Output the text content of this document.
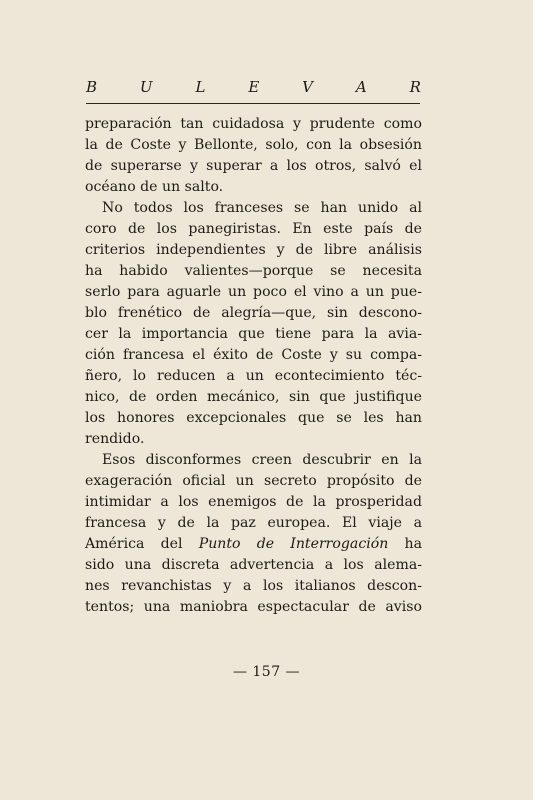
B	U	L	E	V	A	R
preparación tan cuidadosa y prudente como
la de Coste y Bellonte, solo, con la obsesión
de superarse y superar a los otros, salvó el
océano de un salto.
No todos los franceses se han unido al
coro de los panegiristas. En este país de
criterios independientes y de libre análisis
ha habido valientes—porque se necesita
serlo para aguarle un poco el vino a un pue-
blo frenético de alegría—que, sin descono-
cer la importancia que tiene para la avia-
ción francesa el éxito de Coste y su compa-
ñero, lo reducen a un econtecimiento téc-
nico, de orden mecánico, sin que justifique
los honores excepcionales que se les han
rendido.
Esos disconformes creen descubrir en la
exageración oficial un secreto propósito de
intimidar a los enemigos de la prosperidad
francesa y de la paz europea. El viaje a
América del Punto de Interrogación ha
sido una discreta advertencia a los alema-
nes revanchistas y a los italianos descon-
tentos; una maniobra espectacular de aviso
— 157 —
